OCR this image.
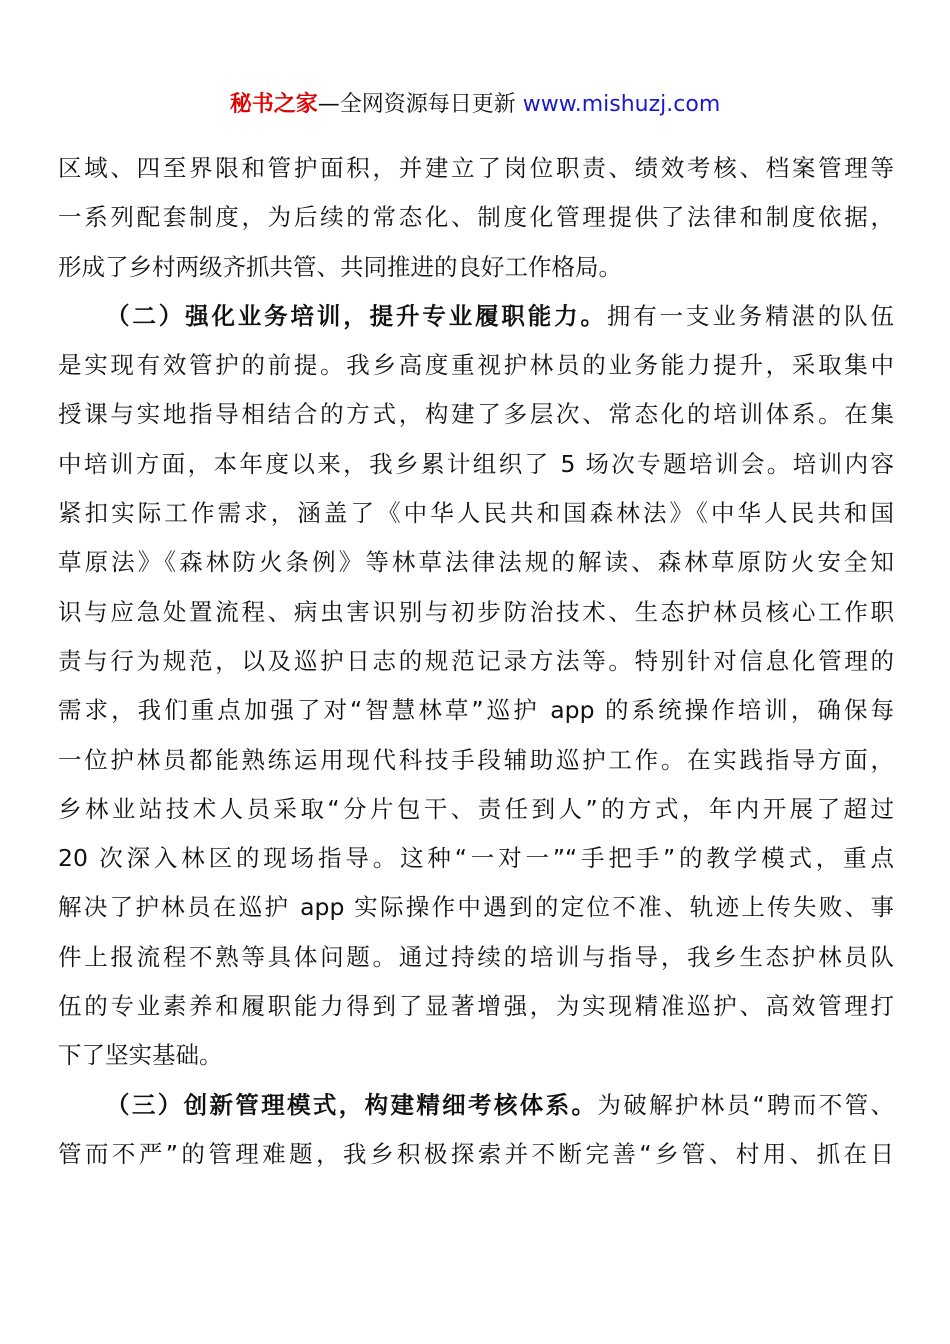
秘书之家—全网资源每日更新 www.mishuzj.com
区域、四至界限和管护面积，并建立了岗位职责、绩效考核、档案管理等
一系列配套制度，为后续的常态化、制度化管理提供了法律和制度依据，
形成了乡村两级齐抓共管、共同推进的良好工作格局。
（二）强化业务培训，提升专业履职能力。拥有一支业务精湛的队伍
是实现有效管护的前提。我乡高度重视护林员的业务能力提升，采取集中
授课与实地指导相结合的方式，构建了多层次、常态化的培训体系。在集
中培训方面，本年度以来，我乡累计组织了 5 场次专题培训会。培训内容
紧扣实际工作需求，涵盖了《中华人民共和国森林法》《中华人民共和国
草原法》《森林防火条例》等林草法律法规的解读、森林草原防火安全知
识与应急处置流程、病虫害识别与初步防治技术、生态护林员核心工作职
责与行为规范，以及巡护日志的规范记录方法等。特别针对信息化管理的
需求，我们重点加强了对“智慧林草”巡护 app 的系统操作培训，确保每
一位护林员都能熟练运用现代科技手段辅助巡护工作。在实践指导方面，
乡林业站技术人员采取“分片包干、责任到人”的方式，年内开展了超过
20 次深入林区的现场指导。这种“一对一”“手把手”的教学模式，重点
解决了护林员在巡护 app 实际操作中遇到的定位不准、轨迹上传失败、事
件上报流程不熟等具体问题。通过持续的培训与指导，我乡生态护林员队
伍的专业素养和履职能力得到了显著增强，为实现精准巡护、高效管理打
下了坚实基础。
（三）创新管理模式，构建精细考核体系。为破解护林员“聘而不管、
管而不严”的管理难题，我乡积极探索并不断完善“乡管、村用、抓在日
